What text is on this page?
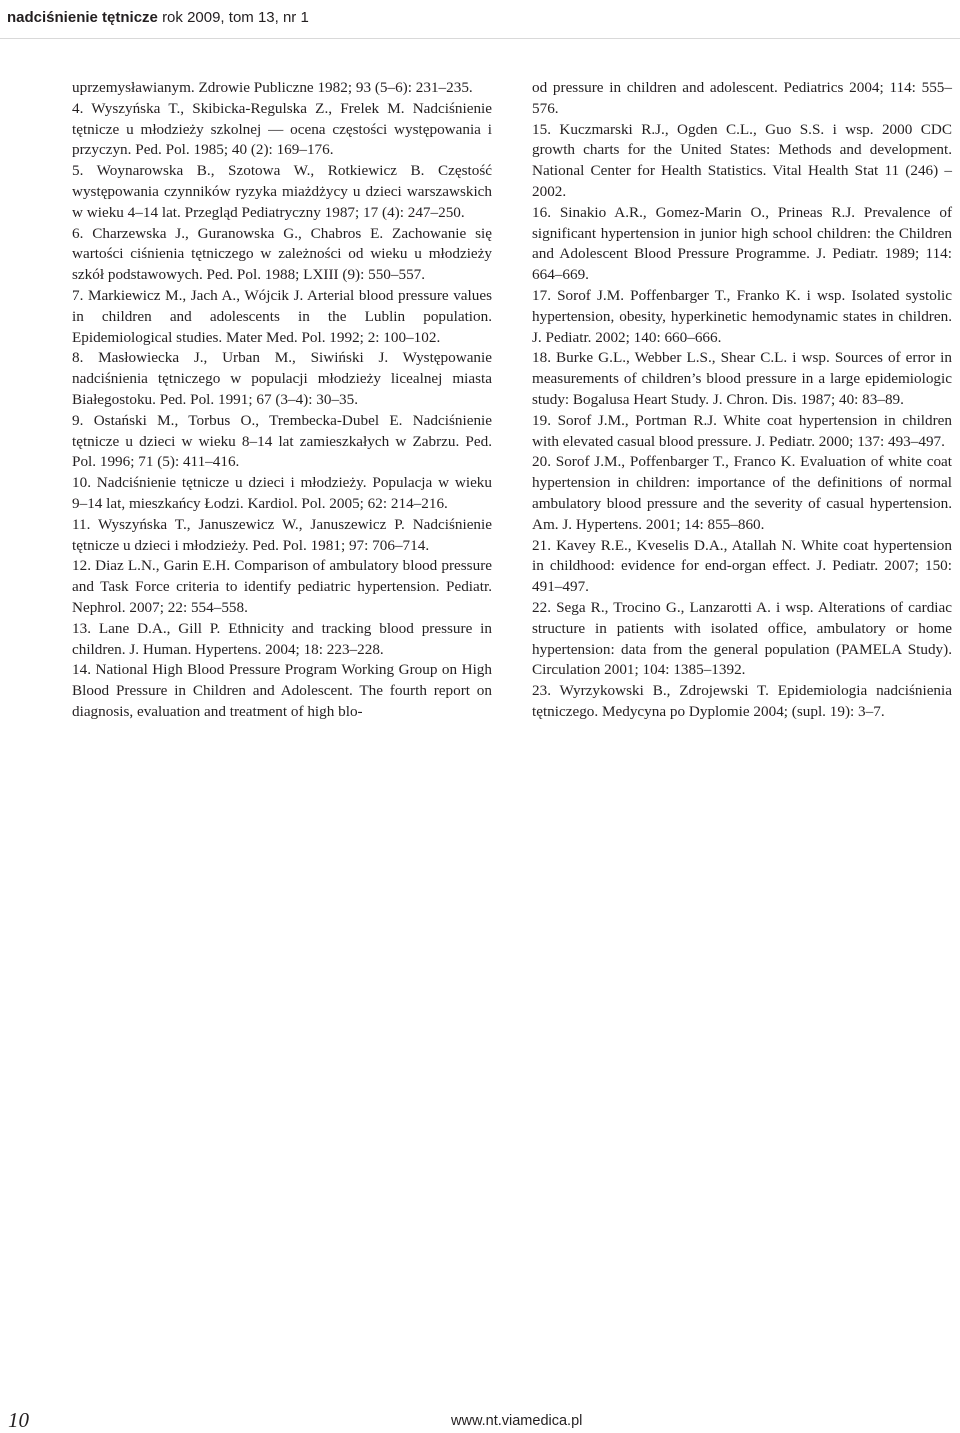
nadciśnienie tętnicze rok 2009, tom 13, nr 1

uprzemysławianym. Zdrowie Publiczne 1982; 93 (5–6): 231–235.

4. Wyszyńska T., Skibicka-Regulska Z., Frelek M. Nadciśnienie tętnicze u młodzieży szkolnej — ocena częstości występowania i przyczyn. Ped. Pol. 1985; 40 (2): 169–176.

5. Woynarowska B., Szotowa W., Rotkiewicz B. Częstość występowania czynników ryzyka miażdżycy u dzieci warszawskich w wieku 4–14 lat. Przegląd Pediatryczny 1987; 17 (4): 247–250.

6. Charzewska J., Guranowska G., Chabros E. Zachowanie się wartości ciśnienia tętniczego w zależności od wieku u młodzieży szkół podstawowych. Ped. Pol. 1988; LXIII (9): 550–557.

7. Markiewicz M., Jach A., Wójcik J. Arterial blood pressure values in children and adolescents in the Lublin population. Epidemiological studies. Mater Med. Pol. 1992; 2: 100–102.

8. Masłowiecka J., Urban M., Siwiński J. Występowanie nadciśnienia tętniczego w populacji młodzieży licealnej miasta Białegostoku. Ped. Pol. 1991; 67 (3–4): 30–35.

9. Ostański M., Torbus O., Trembecka-Dubel E. Nadciśnienie tętnicze u dzieci w wieku 8–14 lat zamieszkałych w Zabrzu. Ped. Pol. 1996; 71 (5): 411–416.

10. Nadciśnienie tętnicze u dzieci i młodzieży. Populacja w wieku 9–14 lat, mieszkańcy Łodzi. Kardiol. Pol. 2005; 62: 214–216.

11. Wyszyńska T., Januszewicz W., Januszewicz P. Nadciśnienie tętnicze u dzieci i młodzieży. Ped. Pol. 1981; 97: 706–714.

12. Diaz L.N., Garin E.H. Comparison of ambulatory blood pressure and Task Force criteria to identify pediatric hypertension. Pediatr. Nephrol. 2007; 22: 554–558.

13. Lane D.A., Gill P. Ethnicity and tracking blood pressure in children. J. Human. Hypertens. 2004; 18: 223–228.

14. National High Blood Pressure Program Working Group on High Blood Pressure in Children and Adolescent. The fourth report on diagnosis, evaluation and treatment of high blo-

od pressure in children and adolescent. Pediatrics 2004; 114: 555–576.

15. Kuczmarski R.J., Ogden C.L., Guo S.S. i wsp. 2000 CDC growth charts for the United States: Methods and development. National Center for Health Statistics. Vital Health Stat 11 (246) –2002.

16. Sinakio A.R., Gomez-Marin O., Prineas R.J. Prevalence of significant hypertension in junior high school children: the Children and Adolescent Blood Pressure Programme. J. Pediatr. 1989; 114: 664–669.

17. Sorof J.M. Poffenbarger T., Franko K. i wsp. Isolated systolic hypertension, obesity, hyperkinetic hemodynamic states in children. J. Pediatr. 2002; 140: 660–666.

18. Burke G.L., Webber L.S., Shear C.L. i wsp. Sources of error in measurements of children’s blood pressure in a large epidemiologic study: Bogalusa Heart Study. J. Chron. Dis. 1987; 40: 83–89.

19. Sorof J.M., Portman R.J. White coat hypertension in children with elevated casual blood pressure. J. Pediatr. 2000; 137: 493–497.

20. Sorof J.M., Poffenbarger T., Franco K. Evaluation of white coat hypertension in children: importance of the definitions of normal ambulatory blood pressure and the severity of casual hypertension. Am. J. Hypertens. 2001; 14: 855–860.

21. Kavey R.E., Kveselis D.A., Atallah N. White coat hypertension in childhood: evidence for end-organ effect. J. Pediatr. 2007; 150: 491–497.

22. Sega R., Trocino G., Lanzarotti A. i wsp. Alterations of cardiac structure in patients with isolated office, ambulatory or home hypertension: data from the general population (PAMELA Study). Circulation 2001; 104: 1385–1392.

23. Wyrzykowski B., Zdrojewski T. Epidemiologia nadciśnienia tętniczego. Medycyna po Dyplomie 2004; (supl. 19): 3–7.

10	www.nt.viamedica.pl
